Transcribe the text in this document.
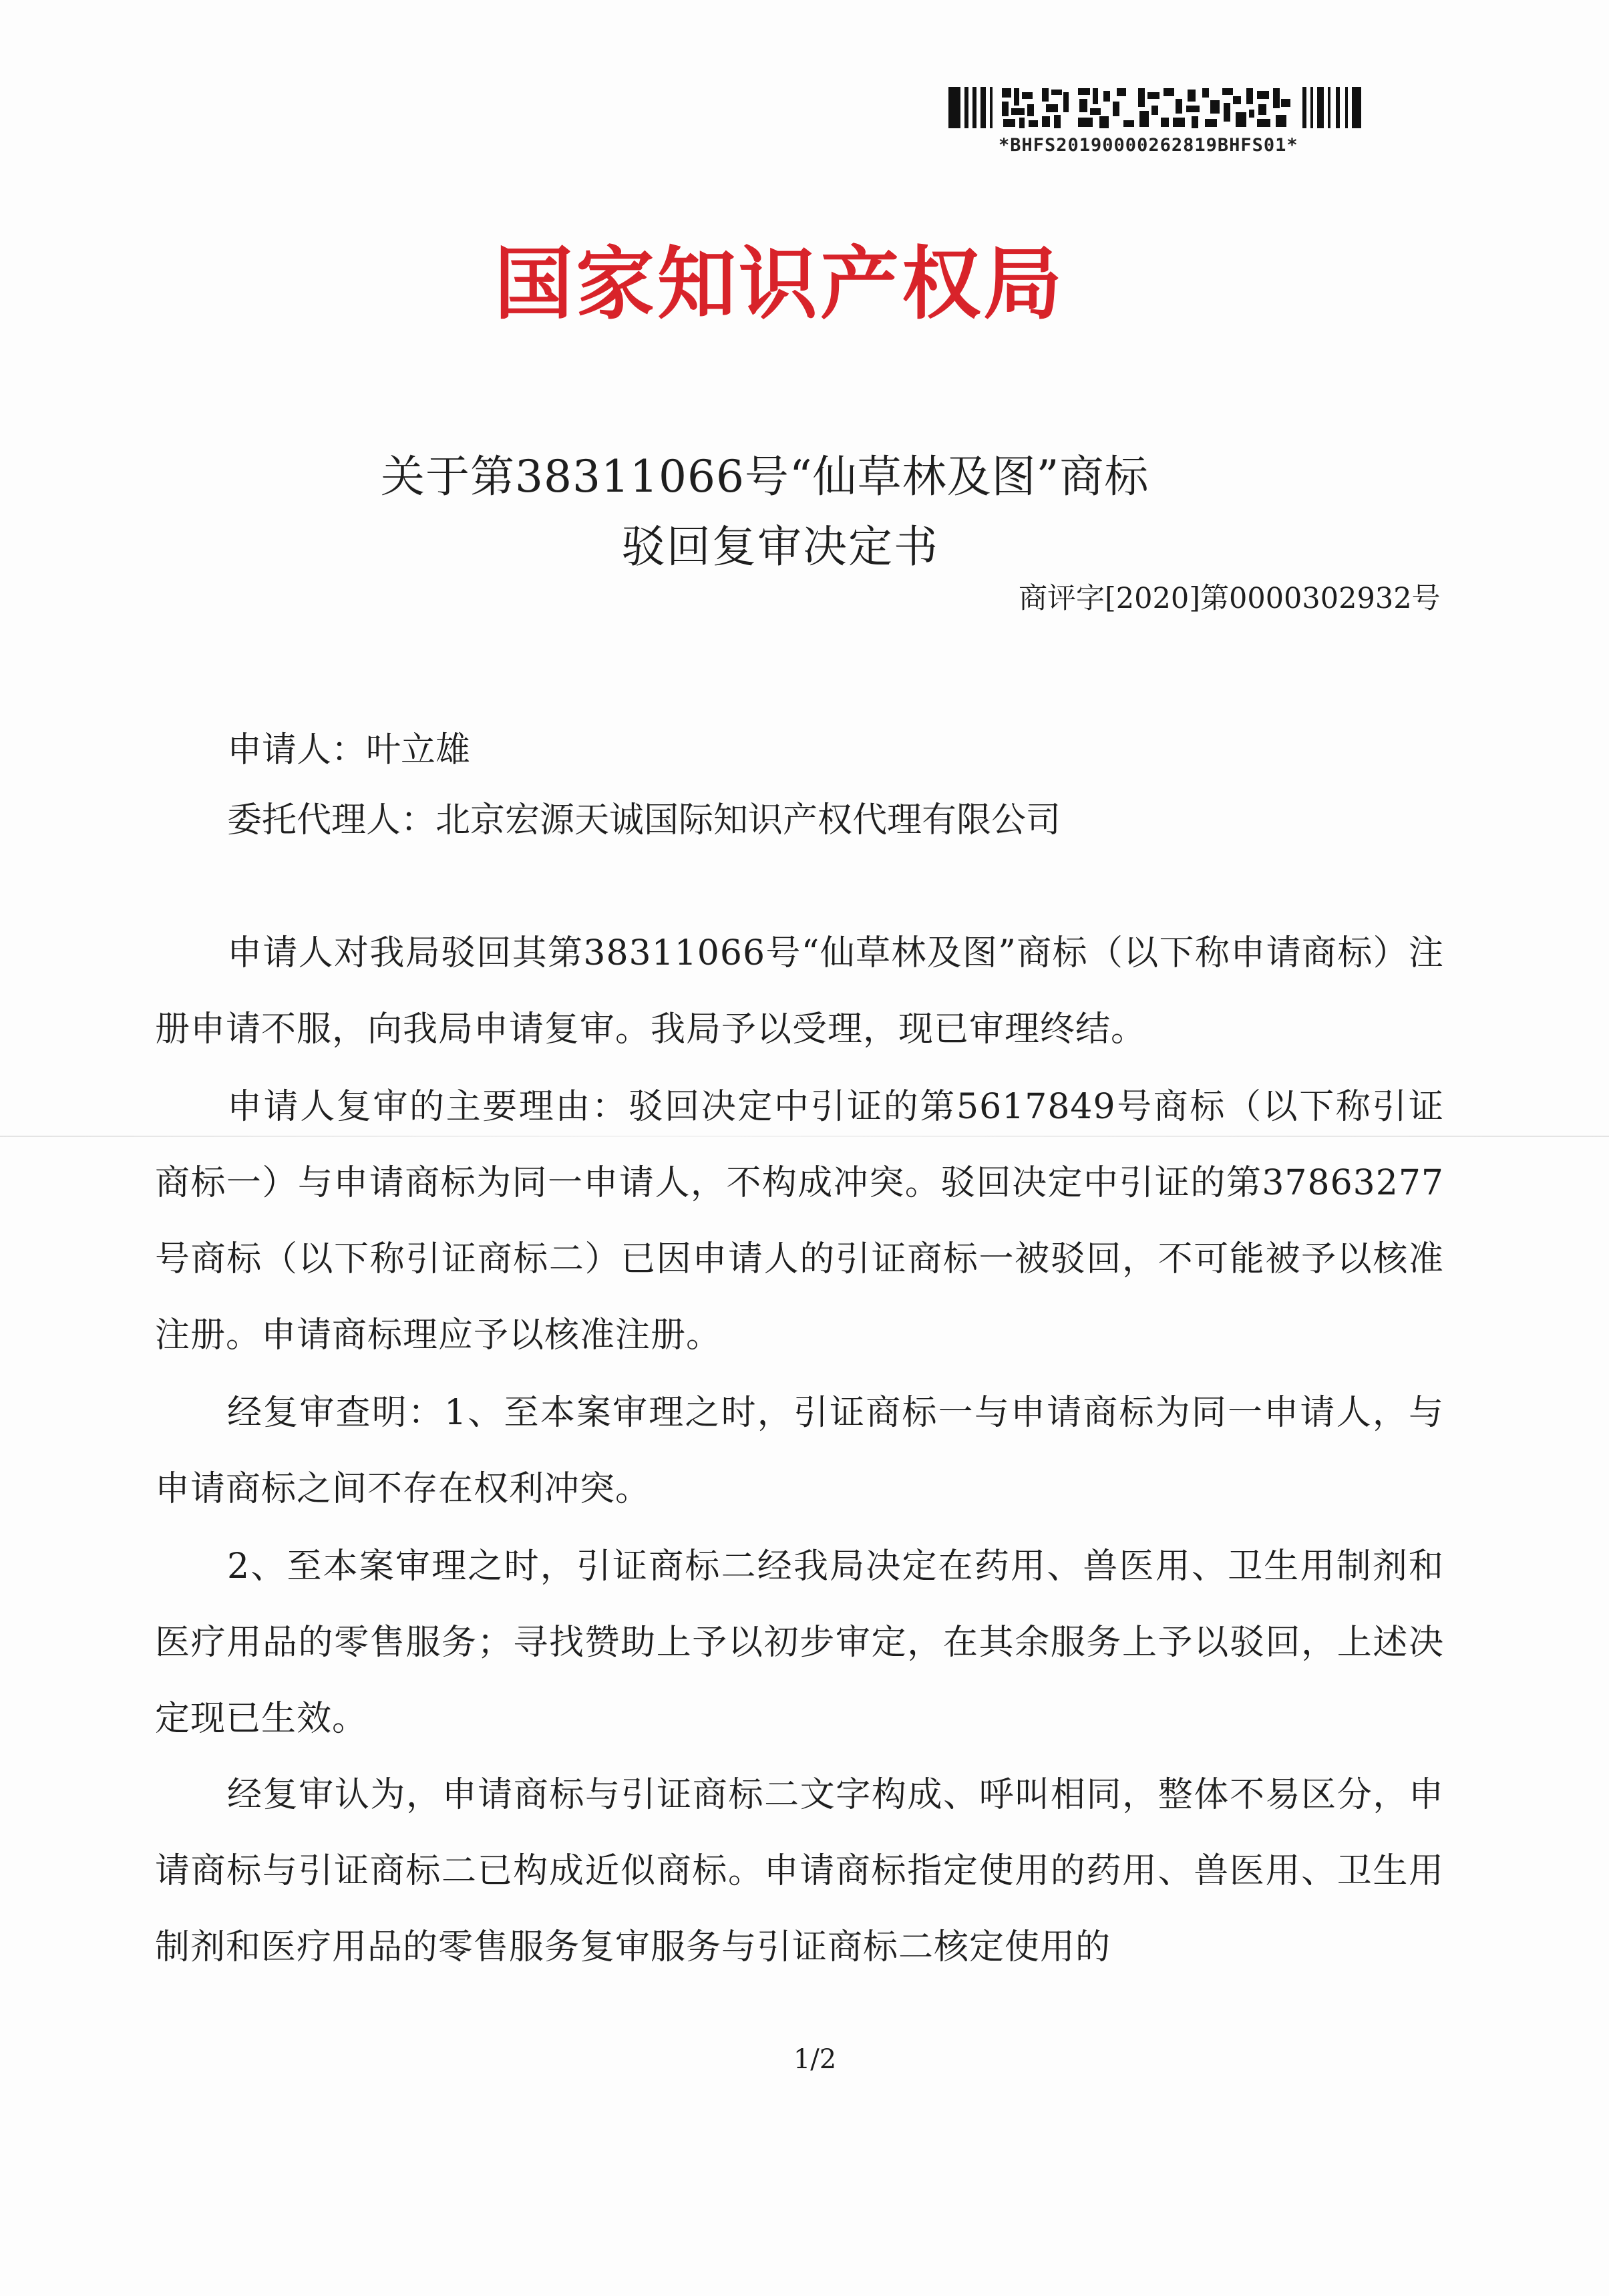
*BHFS20190000262819BHFS01*
国家知识产权局
关于第38311066号“仙草林及图”商标
驳回复审决定书
商评字[2020]第0000302932号
申请人：叶立雄
委托代理人：北京宏源天诚国际知识产权代理有限公司

申请人对我局驳回其第38311066号“仙草林及图”商标（以下称申请商标）注册申请不服，向我局申请复审。我局予以受理，现已审理终结。

申请人复审的主要理由：驳回决定中引证的第5617849号商标（以下称引证商标一）与申请商标为同一申请人，不构成冲突。驳回决定中引证的第37863277号商标（以下称引证商标二）已因申请人的引证商标一被驳回，不可能被予以核准注册。申请商标理应予以核准注册。

经复审查明：1、至本案审理之时，引证商标一与申请商标为同一申请人，与申请商标之间不存在权利冲突。

2、至本案审理之时，引证商标二经我局决定在药用、兽医用、卫生用制剂和医疗用品的零售服务；寻找赞助上予以初步审定，在其余服务上予以驳回，上述决定现已生效。

经复审认为，申请商标与引证商标二文字构成、呼叫相同，整体不易区分，申请商标与引证商标二已构成近似商标。申请商标指定使用的药用、兽医用、卫生用制剂和医疗用品的零售服务复审服务与引证商标二核定使用的

1/2
